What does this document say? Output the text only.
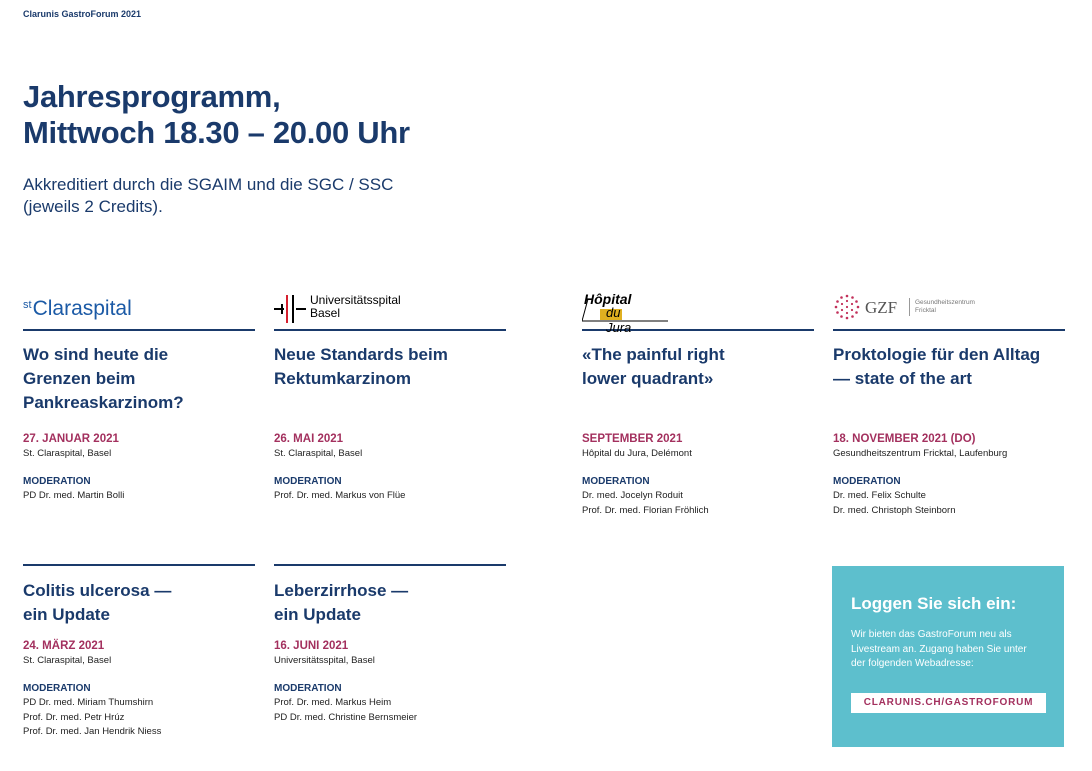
Clarunis GastroForum 2021
Jahresprogramm,
Mittwoch 18.30 – 20.00 Uhr
Akkreditiert durch die SGAIM und die SGC / SSC
(jeweils 2 Credits).
$^{st}$Claraspital
Wo sind heute die
Grenzen beim
Pankreaskarzinom?
27. JANUAR 2021
St. Claraspital, Basel
MODERATION
PD Dr. med. Martin Bolli
Universitätsspital
Basel
Neue Standards beim
Rektumkarzinom
26. MAI 2021
St. Claraspital, Basel
MODERATION
Prof. Dr. med. Markus von Flüe
Hôpital
du Jura
«The painful right
lower quadrant»
SEPTEMBER 2021
Hôpital du Jura, Delémont
MODERATION
Dr. med. Jocelyn Roduit
Prof. Dr. med. Florian Fröhlich
GZF	Gesundheitszentrum
Fricktal
Proktologie für den Alltag
— state of the art
18. NOVEMBER 2021 (DO)
Gesundheitszentrum Fricktal, Laufenburg
MODERATION
Dr. med. Felix Schulte
Dr. med. Christoph Steinborn
Colitis ulcerosa —
ein Update
24. MÄRZ 2021
St. Claraspital, Basel
MODERATION
PD Dr. med. Miriam Thumshirn
Prof. Dr. med. Petr Hrúz
Prof. Dr. med. Jan Hendrik Niess
Leberzirrhose —
ein Update
16. JUNI 2021
Universitätsspital, Basel
MODERATION
Prof. Dr. med. Markus Heim
PD Dr. med. Christine Bernsmeier
Loggen Sie sich ein:
Wir bieten das GastroForum neu als
Livestream an. Zugang haben Sie unter
der folgenden Webadresse:
CLARUNIS.CH/GASTROFORUM
